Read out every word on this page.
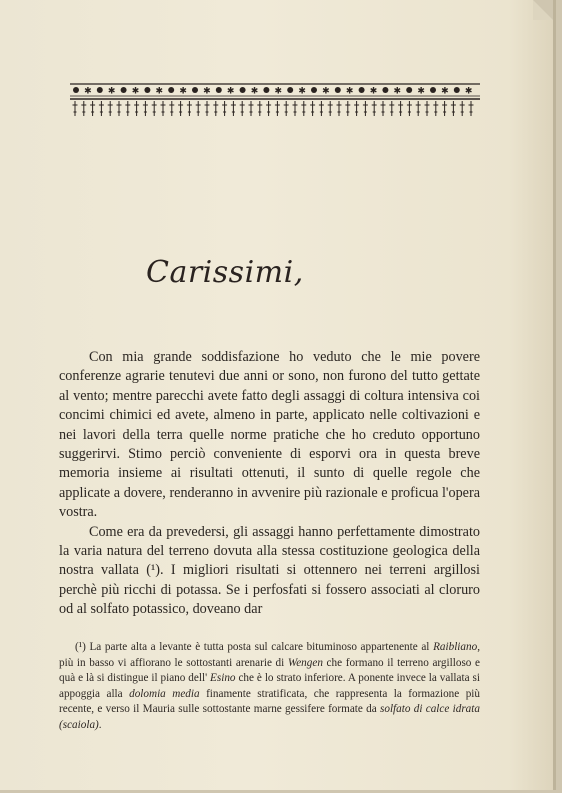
✱ ✱ ✱ ✱ ✱ ✱ ✱ ✱ ✱ ✱ ✱ ✱ ✱ ✱ ✱ ✱ ✱
Carissimi,

Con mia grande soddisfazione ho veduto che le mie povere conferenze agrarie tenutevi due anni or sono, non furono del tutto gettate al vento; mentre parecchi avete fatto degli assaggi di coltura intensiva coi concimi chimici ed avete, almeno in parte, applicato nelle coltivazioni e nei lavori della terra quelle norme pratiche che ho creduto opportuno suggerirvi. Stimo perciò conveniente di esporvi ora in questa breve memoria insieme ai risultati ottenuti, il sunto di quelle regole che applicate a dovere, renderanno in avvenire più razionale e proficua l'opera vostra.

Come era da prevedersi, gli assaggi hanno perfettamente dimostrato la varia natura del terreno dovuta alla stessa costituzione geologica della nostra vallata (¹). I migliori risultati si ottennero nei terreni argillosi perchè più ricchi di potassa. Se i perfosfati si fossero associati al cloruro od al solfato potassico, doveano dar

(¹) La parte alta a levante è tutta posta sul calcare bituminoso appartenente al Raibliano, più in basso vi affiorano le sottostanti arenarie di Wengen che formano il terreno argilloso e quà e là si distingue il piano dell' Esino che è lo strato inferiore. A ponente invece la vallata si appoggia alla dolomia media finamente stratificata, che rappresenta la formazione più recente, e verso il Mauria sulle sottostante marne gessifere formate da solfato di calce idrata (scaiola).
